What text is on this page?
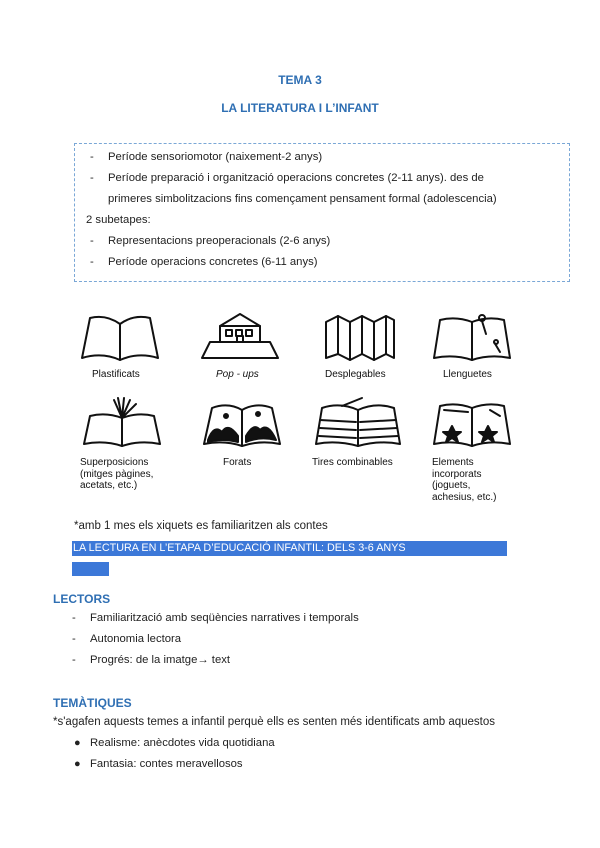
TEMA 3
LA LITERATURA I L’INFANT
- Període sensoriomotor (naixement-2 anys)
- Període preparació i organització operacions concretes (2-11 anys). des de
primeres simbolitzacions fins començament pensament formal (adolescencia)
2 subetapes:
- Representacions preoperacionals (2-6 anys)
- Període operacions concretes (6-11 anys)
Plastificats	Pop - ups	Desplegables	Llenguetes
Superposicions
(mitges pàgines,
acetats, etc.)
Forats	Tires combinables	Elements
incorporats
(joguets,
achesius, etc.)
*amb 1 mes els xiquets es familiaritzen als contes
LA LECTURA EN L’ETAPA D’EDUCACIÓ INFANTIL: DELS 3-6 ANYS
LECTORS
- Familiarització amb seqüències narratives i temporals
- Autonomia lectora
- Progrés: de la imatge→ text
TEMÀTIQUES
*s'agafen aquests temes a infantil perquè ells es senten més identificats amb aquestos
● Realisme: anècdotes vida quotidiana
● Fantasia: contes meravellosos
